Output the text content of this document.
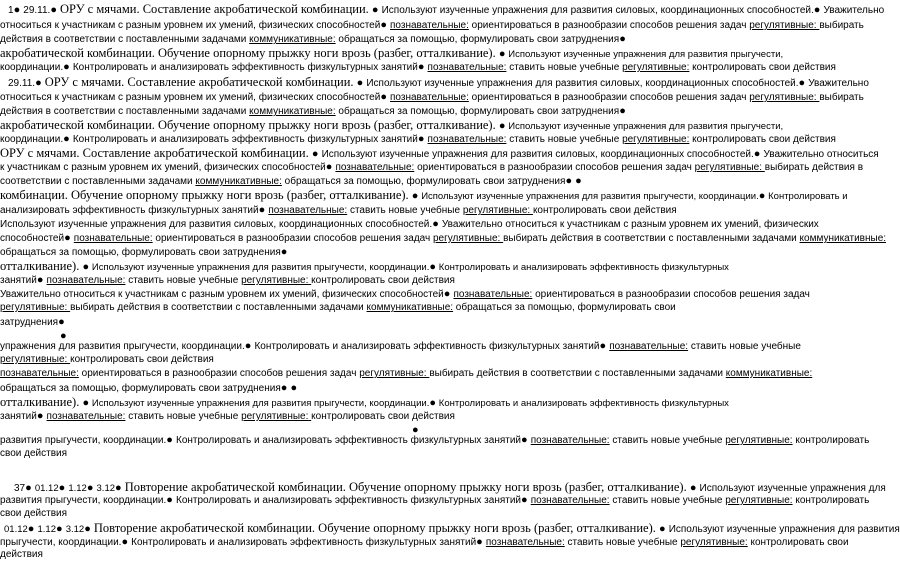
1● 29.11.● ОРУ с мячами. Составление акробатической комбинации. ● Используют изученные упражнения для развития силовых, координационных способностей.● Уважительно

относиться к участникам с разным уровнем их умений, физических способностей● познавательные: ориентироваться в разнообразии способов решения задач регулятивные: выбирать

действия в соответствии с поставленными задачами коммуникативные: обращаться за помощью, формулировать свои затруднения●

акробатической комбинации. Обучение опорному прыжку ноги врозь (разбег, отталкивание). ● Используют изученные упражнения для развития прыгучести,

координации.● Контролировать и анализировать эффективность физкультурных занятий● познавательные: ставить новые учебные регулятивные: контролировать свои действия

29.11.● ОРУ с мячами. Составление акробатической комбинации. ● Используют изученные упражнения для развития силовых, координационных способностей.● Уважительно

относиться к участникам с разным уровнем их умений, физических способностей● познавательные: ориентироваться в разнообразии способов решения задач регулятивные: выбирать

действия в соответствии с поставленными задачами коммуникативные: обращаться за помощью, формулировать свои затруднения●

акробатической комбинации. Обучение опорному прыжку ноги врозь (разбег, отталкивание). ● Используют изученные упражнения для развития прыгучести,

координации.● Контролировать и анализировать эффективность физкультурных занятий● познавательные: ставить новые учебные регулятивные: контролировать свои действия

ОРУ с мячами. Составление акробатической комбинации. ● Используют изученные упражнения для развития силовых, координационных способностей.● Уважительно относиться

к участникам с разным уровнем их умений, физических способностей● познавательные: ориентироваться в разнообразии способов решения задач регулятивные: выбирать действия в

соответствии с поставленными задачами коммуникативные: обращаться за помощью, формулировать свои затруднения● ●

комбинации. Обучение опорному прыжку ноги врозь (разбег, отталкивание). ● Используют изученные упражнения для развития прыгучести, координации.● Контролировать и

анализировать эффективность физкультурных занятий● познавательные: ставить новые учебные регулятивные: контролировать свои действия

Используют изученные упражнения для развития силовых, координационных способностей.● Уважительно относиться к участникам с разным уровнем их умений, физических

способностей● познавательные: ориентироваться в разнообразии способов решения задач регулятивные: выбирать действия в соответствии с поставленными задачами коммуникативные:

обращаться за помощью, формулировать свои затруднения●

отталкивание). ● Используют изученные упражнения для развития прыгучести, координации.● Контролировать и анализировать эффективность физкультурных

занятий● познавательные: ставить новые учебные регулятивные: контролировать свои действия

Уважительно относиться к участникам с разным уровнем их умений, физических способностей● познавательные: ориентироваться в разнообразии способов решения задач

регулятивные: выбирать действия в соответствии с поставленными задачами коммуникативные: обращаться за помощью, формулировать свои

затруднения●

●

упражнения для развития прыгучести, координации.● Контролировать и анализировать эффективность физкультурных занятий● познавательные: ставить новые учебные

регулятивные: контролировать свои действия

познавательные: ориентироваться в разнообразии способов решения задач регулятивные: выбирать действия в соответствии с поставленными задачами коммуникативные:

обращаться за помощью, формулировать свои затруднения● ●

отталкивание). ● Используют изученные упражнения для развития прыгучести, координации.● Контролировать и анализировать эффективность физкультурных

занятий● познавательные: ставить новые учебные регулятивные: контролировать свои действия

●

развития прыгучести, координации.● Контролировать и анализировать эффективность физкультурных занятий● познавательные: ставить новые учебные регулятивные: контролировать

свои действия

37● 01.12● 1.12● 3.12● Повторение акробатической комбинации. Обучение опорному прыжку ноги врозь (разбег, отталкивание). ● Используют изученные упражнения для

развития прыгучести, координации.● Контролировать и анализировать эффективность физкультурных занятий● познавательные: ставить новые учебные регулятивные: контролировать

свои действия

01.12● 1.12● 3.12● Повторение акробатической комбинации. Обучение опорному прыжку ноги врозь (разбег, отталкивание). ● Используют изученные упражнения для развития

прыгучести, координации.● Контролировать и анализировать эффективность физкультурных занятий● познавательные: ставить новые учебные регулятивные: контролировать свои

действия
